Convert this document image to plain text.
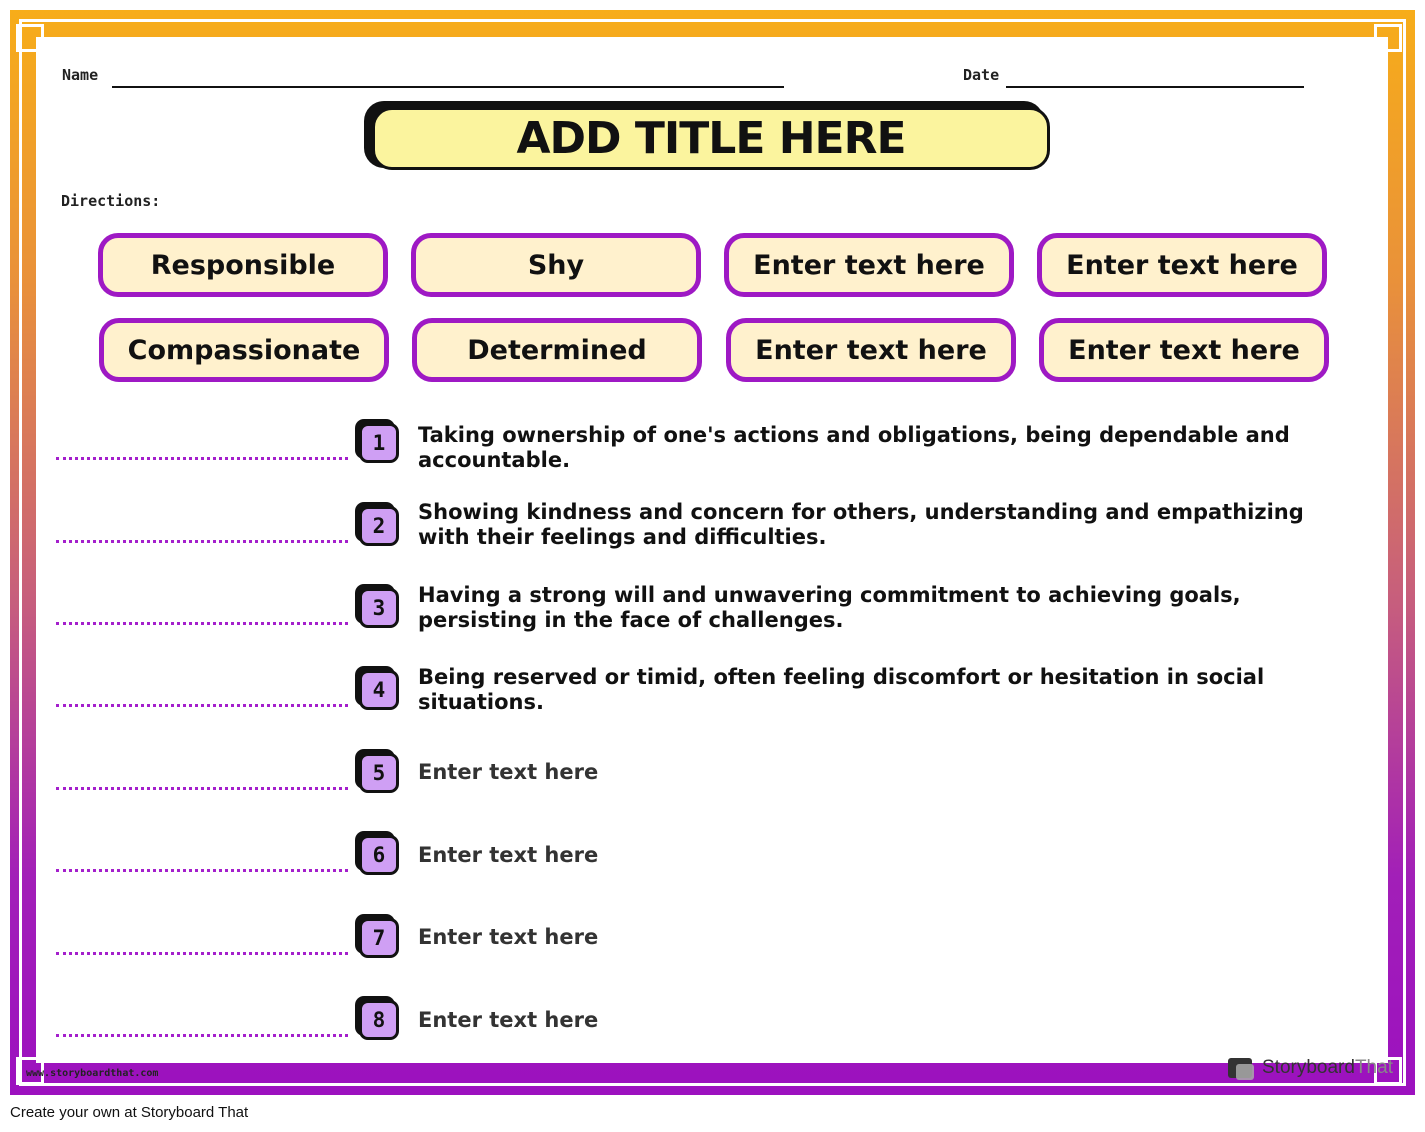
Name	Date
ADD TITLE HERE
Directions:
Responsible	Shy	Enter text here	Enter text here
Compassionate	Determined	Enter text here	Enter text here
1	Taking ownership of one's actions and obligations, being dependable and accountable.
2
Showing kindness and concern for others, understanding and empathizing with their feelings and difficulties.
3
Having a strong will and unwavering commitment to achieving goals, persisting in the face of challenges.
4
Being reserved or timid, often feeling discomfort or hesitation in social situations.
5	Enter text here
6	Enter text here
7	Enter text here
8	Enter text here
www.storyboardthat.com	StoryboardThat
Create your own at Storyboard That
